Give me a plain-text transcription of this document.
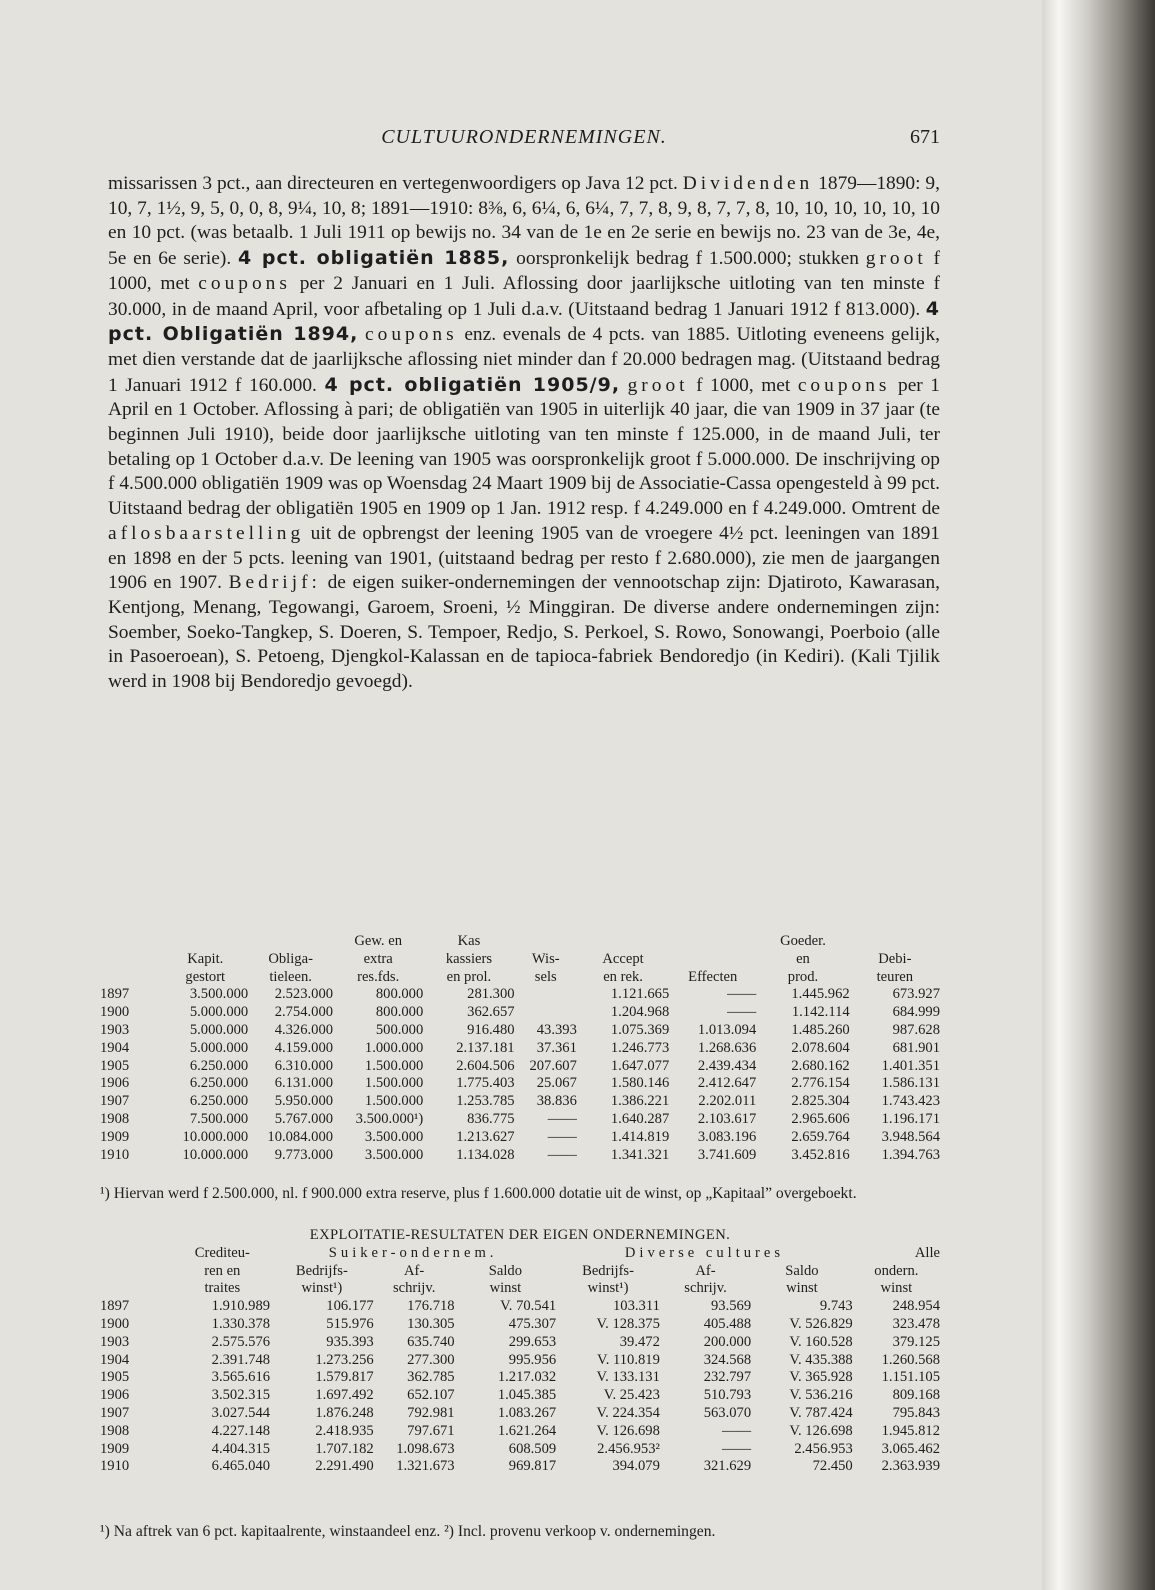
CULTUURONDERNEMINGEN.	671

missarissen 3 pct., aan directeuren en vertegenwoordigers op Java 12 pct. Dividenden 1879—1890: 9, 10, 7, 1½, 9, 5, 0, 0, 8, 9¼, 10, 8; 1891—1910: 8⅜, 6, 6¼, 6, 6¼, 7, 7, 8, 9, 8, 7, 7, 8, 10, 10, 10, 10, 10, 10 en 10 pct. (was betaalb. 1 Juli 1911 op bewijs no. 34 van de 1e en 2e serie en bewijs no. 23 van de 3e, 4e, 5e en 6e serie). 4 pct. obligatiën 1885, oorspronkelijk bedrag f 1.500.000; stukken groot f 1000, met coupons per 2 Januari en 1 Juli. Aflossing door jaarlijksche uitloting van ten minste f 30.000, in de maand April, voor afbetaling op 1 Juli d.a.v. (Uitstaand bedrag 1 Januari 1912 f 813.000). 4 pct. Obligatiën 1894, coupons enz. evenals de 4 pcts. van 1885. Uitloting eveneens gelijk, met dien verstande dat de jaarlijksche aflossing niet minder dan f 20.000 bedragen mag. (Uitstaand bedrag 1 Januari 1912 f 160.000. 4 pct. obligatiën 1905/9, groot f 1000, met coupons per 1 April en 1 October. Aflossing à pari; de obligatiën van 1905 in uiterlijk 40 jaar, die van 1909 in 37 jaar (te beginnen Juli 1910), beide door jaarlijksche uitloting van ten minste f 125.000, in de maand Juli, ter betaling op 1 October d.a.v. De leening van 1905 was oorspronkelijk groot f 5.000.000. De inschrijving op f 4.500.000 obligatiën 1909 was op Woensdag 24 Maart 1909 bij de Associatie-Cassa opengesteld à 99 pct. Uitstaand bedrag der obligatiën 1905 en 1909 op 1 Jan. 1912 resp. f 4.249.000 en f 4.249.000. Omtrent de aflosbaarstelling uit de opbrengst der leening 1905 van de vroegere 4½ pct. leeningen van 1891 en 1898 en der 5 pcts. leening van 1901, (uitstaand bedrag per resto f 2.680.000), zie men de jaargangen 1906 en 1907. Bedrijf: de eigen suiker-ondernemingen der vennootschap zijn: Djatiroto, Kawarasan, Kentjong, Menang, Tegowangi, Garoem, Sroeni, ½ Minggiran. De diverse andere ondernemingen zijn: Soember, Soeko-Tangkep, S. Doeren, S. Tempoer, Redjo, S. Perkoel, S. Rowo, Sonowangi, Poerboio (alle in Pasoeroean), S. Petoeng, Djengkol-Kalassan en de tapioca-fabriek Bendoredjo (in Kediri). (Kali Tjilik werd in 1908 bij Bendoredjo gevoegd).

			Gew. en	Kas				Goeder.	
	Kapit.	Obliga-	extra	kassiers	Wis-	Accept		en	Debi-
	gestort	tieleen.	res.fds.	en prol.	sels	en rek.	Effecten	prod.	teuren
1897	3.500.000	2.523.000	800.000	281.300		1.121.665	——	1.445.962	673.927
1900	5.000.000	2.754.000	800.000	362.657		1.204.968	——	1.142.114	684.999
1903	5.000.000	4.326.000	500.000	916.480	43.393	1.075.369	1.013.094	1.485.260	987.628
1904	5.000.000	4.159.000	1.000.000	2.137.181	37.361	1.246.773	1.268.636	2.078.604	681.901
1905	6.250.000	6.310.000	1.500.000	2.604.506	207.607	1.647.077	2.439.434	2.680.162	1.401.351
1906	6.250.000	6.131.000	1.500.000	1.775.403	25.067	1.580.146	2.412.647	2.776.154	1.586.131
1907	6.250.000	5.950.000	1.500.000	1.253.785	38.836	1.386.221	2.202.011	2.825.304	1.743.423
1908	7.500.000	5.767.000	3.500.000¹)	836.775	——	1.640.287	2.103.617	2.965.606	1.196.171
1909	10.000.000	10.084.000	3.500.000	1.213.627	——	1.414.819	3.083.196	2.659.764	3.948.564
1910	10.000.000	9.773.000	3.500.000	1.134.028	——	1.341.321	3.741.609	3.452.816	1.394.763
¹) Hiervan werd f 2.500.000, nl. f 900.000 extra reserve, plus f 1.600.000 dotatie uit de winst, op „Kapitaal” overgeboekt.
EXPLOITATIE-RESULTATEN DER EIGEN ONDERNEMINGEN.								
	Crediteu-	Suiker-ondernem.			Diverse cultures			Alle
	ren en	Bedrijfs-	Af-	Saldo	Bedrijfs-	Af-	Saldo	ondern.
	traites	winst¹)	schrijv.	winst	winst¹)	schrijv.	winst	winst
1897	1.910.989	106.177	176.718	V. 70.541	103.311	93.569	9.743	248.954
1900	1.330.378	515.976	130.305	475.307	V. 128.375	405.488	V. 526.829	323.478
1903	2.575.576	935.393	635.740	299.653	39.472	200.000	V. 160.528	379.125
1904	2.391.748	1.273.256	277.300	995.956	V. 110.819	324.568	V. 435.388	1.260.568
1905	3.565.616	1.579.817	362.785	1.217.032	V. 133.131	232.797	V. 365.928	1.151.105
1906	3.502.315	1.697.492	652.107	1.045.385	V. 25.423	510.793	V. 536.216	809.168
1907	3.027.544	1.876.248	792.981	1.083.267	V. 224.354	563.070	V. 787.424	795.843
1908	4.227.148	2.418.935	797.671	1.621.264	V. 126.698	——	V. 126.698	1.945.812
1909	4.404.315	1.707.182	1.098.673	608.509	2.456.953²	——	2.456.953	3.065.462
1910	6.465.040	2.291.490	1.321.673	969.817	394.079	321.629	72.450	2.363.939
¹) Na aftrek van 6 pct. kapitaalrente, winstaandeel enz. ²) Incl. provenu verkoop v. ondernemingen.
